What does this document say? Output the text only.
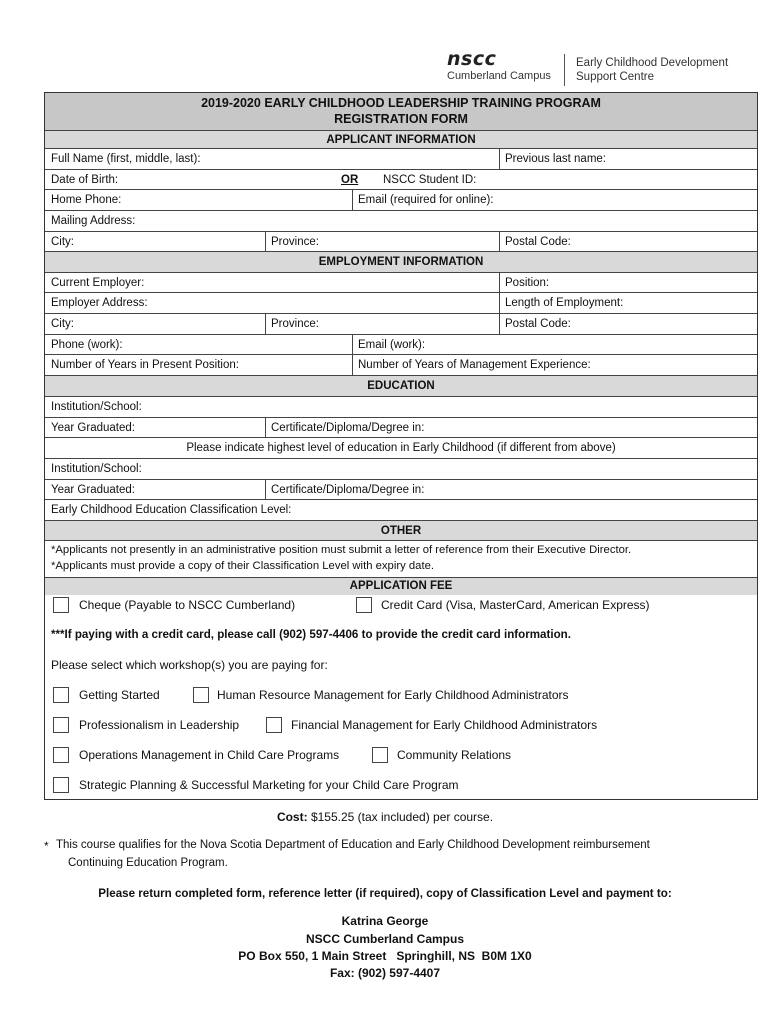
nscc
Cumberland Campus
Early Childhood Development
Support Centre
2019-2020 EARLY CHILDHOOD LEADERSHIP TRAINING PROGRAM
REGISTRATION FORM
APPLICANT INFORMATION
Full Name (first, middle, last):	Previous last name:
Date of Birth:	OR	NSCC Student ID:
Home Phone:	Email (required for online):
Mailing Address:
City:	Province:	Postal Code:
EMPLOYMENT INFORMATION
Current Employer:	Position:
Employer Address:	Length of Employment:
City:	Province:	Postal Code:
Phone (work):	Email (work):
Number of Years in Present Position:	Number of Years of Management Experience:
EDUCATION
Institution/School:
Year Graduated:	Certificate/Diploma/Degree in:
Please indicate highest level of education in Early Childhood (if different from above)
Institution/School:
Year Graduated:	Certificate/Diploma/Degree in:
Early Childhood Education Classification Level:
OTHER
*Applicants not presently in an administrative position must submit a letter of reference from their Executive Director.
*Applicants must provide a copy of their Classification Level with expiry date.
APPLICATION FEE
Cheque (Payable to NSCC Cumberland)	Credit Card (Visa, MasterCard, American Express)
***If paying with a credit card, please call (902) 597-4406 to provide the credit card information.
Please select which workshop(s) you are paying for:
Getting Started	Human Resource Management for Early Childhood Administrators
Professionalism in Leadership	Financial Management for Early Childhood Administrators
Operations Management in Child Care Programs	Community Relations
Strategic Planning & Successful Marketing for your Child Care Program
Cost: $155.25 (tax included) per course.
* This course qualifies for the Nova Scotia Department of Education and Early Childhood Development reimbursement
Continuing Education Program.
Please return completed form, reference letter (if required), copy of Classification Level and payment to:
Katrina George
NSCC Cumberland Campus
PO Box 550, 1 Main Street   Springhill, NS  B0M 1X0
Fax: (902) 597-4407
